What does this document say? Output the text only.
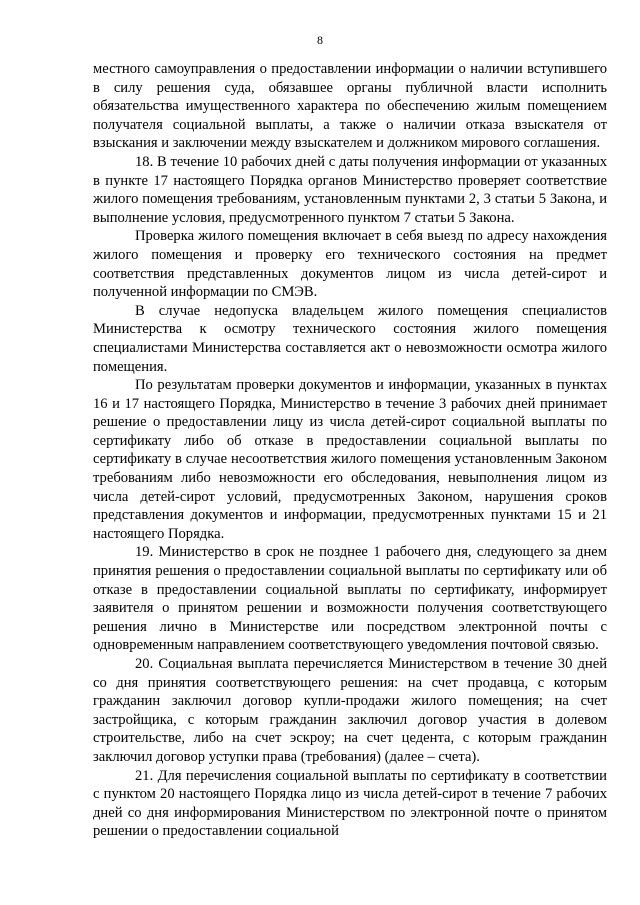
8

местного самоуправления о предоставлении информации о наличии вступившего в силу решения суда, обязавшее органы публичной власти исполнить обязательства имущественного характера по обеспечению жилым помещением получателя социальной выплаты, а также о наличии отказа взыскателя от взыскания и заключении между взыскателем и должником мирового соглашения.

18. В течение 10 рабочих дней с даты получения информации от указанных в пункте 17 настоящего Порядка органов Министерство проверяет соответствие жилого помещения требованиям, установленным пунктами 2, 3 статьи 5 Закона, и выполнение условия, предусмотренного пунктом 7 статьи 5 Закона.

Проверка жилого помещения включает в себя выезд по адресу нахождения жилого помещения и проверку его технического состояния на предмет соответствия представленных документов лицом из числа детей-сирот и полученной информации по СМЭВ.

В случае недопуска владельцем жилого помещения специалистов Министерства к осмотру технического состояния жилого помещения специалистами Министерства составляется акт о невозможности осмотра жилого помещения.

По результатам проверки документов и информации, указанных в пунктах 16 и 17 настоящего Порядка, Министерство в течение 3 рабочих дней принимает решение о предоставлении лицу из числа детей-сирот социальной выплаты по сертификату либо об отказе в предоставлении социальной выплаты по сертификату в случае несоответствия жилого помещения установленным Законом требованиям либо невозможности его обследования, невыполнения лицом из числа детей-сирот условий, предусмотренных Законом, нарушения сроков представления документов и информации, предусмотренных пунктами 15 и 21 настоящего Порядка.

19. Министерство в срок не позднее 1 рабочего дня, следующего за днем принятия решения о предоставлении социальной выплаты по сертификату или об отказе в предоставлении социальной выплаты по сертификату, информирует заявителя о принятом решении и возможности получения соответствующего решения лично в Министерстве или посредством электронной почты с одновременным направлением соответствующего уведомления почтовой связью.

20. Социальная выплата перечисляется Министерством в течение 30 дней со дня принятия соответствующего решения: на счет продавца, с которым гражданин заключил договор купли-продажи жилого помещения; на счет застройщика, с которым гражданин заключил договор участия в долевом строительстве, либо на счет эскроу; на счет цедента, с которым гражданин заключил договор уступки права (требования) (далее – счета).

21. Для перечисления социальной выплаты по сертификату в соответствии с пунктом 20 настоящего Порядка лицо из числа детей-сирот в течение 7 рабочих дней со дня информирования Министерством по электронной почте о принятом решении о предоставлении социальной
